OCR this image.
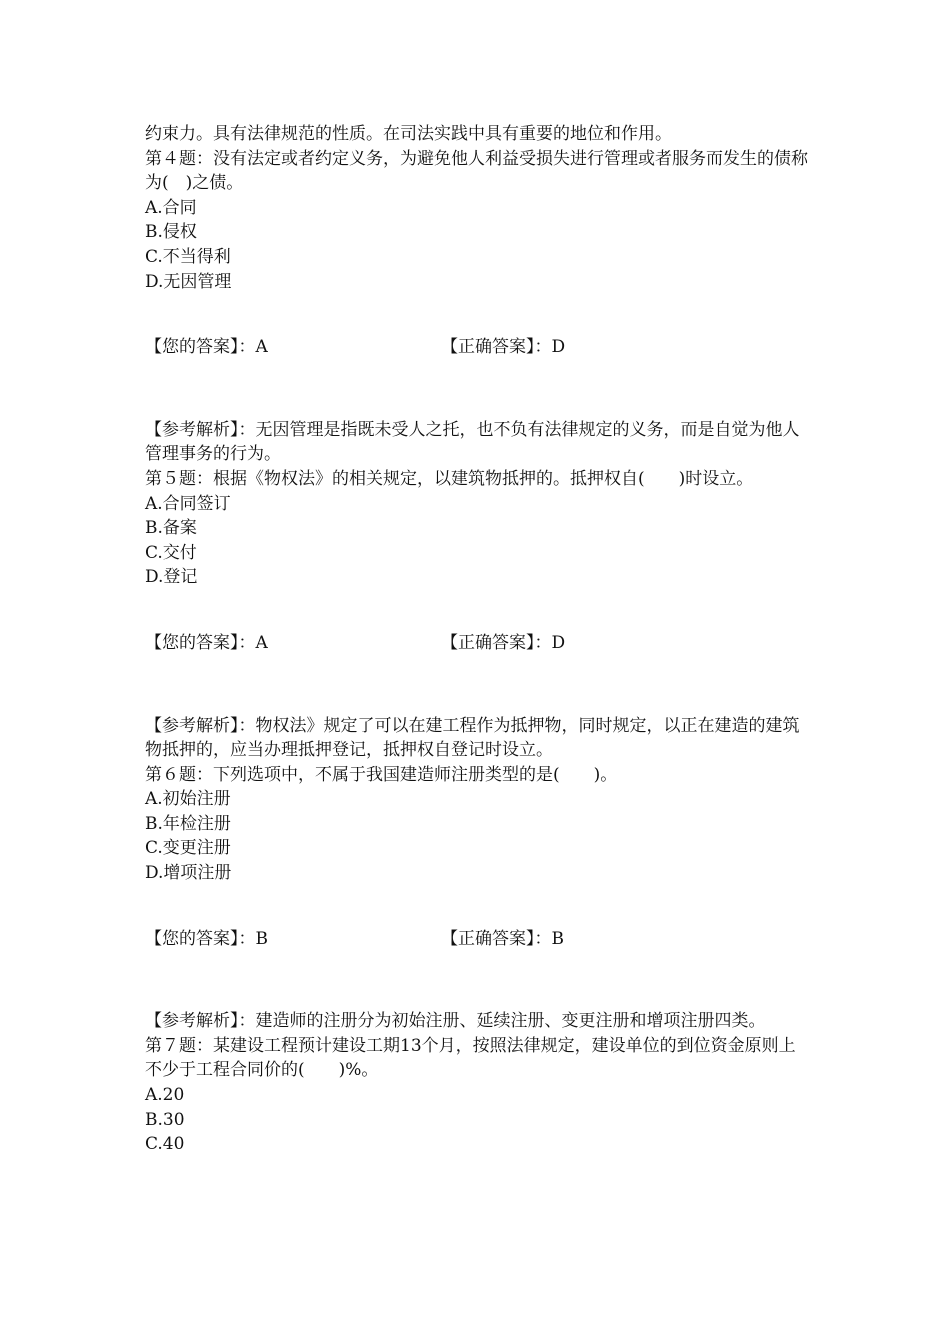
约束力。具有法律规范的性质。在司法实践中具有重要的地位和作用。

第４题：没有法定或者约定义务，为避免他人利益受损失进行管理或者服务而发生的债称为(　)之债。

A.合同
B.侵权
C.不当得利
D.无因管理
【您的答案】：A	【正确答案】：D

【参考解析】：无因管理是指既未受人之托，也不负有法律规定的义务，而是自觉为他人管理事务的行为。

第５题：根据《物权法》的相关规定，以建筑物抵押的。抵押权自(　　)时设立。

A.合同签订
B.备案
C.交付
D.登记
【您的答案】：A	【正确答案】：D

【参考解析】：物权法》规定了可以在建工程作为抵押物，同时规定，以正在建造的建筑物抵押的，应当办理抵押登记，抵押权自登记时设立。

第６题：下列选项中，不属于我国建造师注册类型的是(　　)。

A.初始注册
B.年检注册
C.变更注册
D.增项注册
【您的答案】：B	【正确答案】：B

【参考解析】：建造师的注册分为初始注册、延续注册、变更注册和增项注册四类。

第７题：某建设工程预计建设工期13个月，按照法律规定，建设单位的到位资金原则上不少于工程合同价的(　　)%。

A.20
B.30
C.40
